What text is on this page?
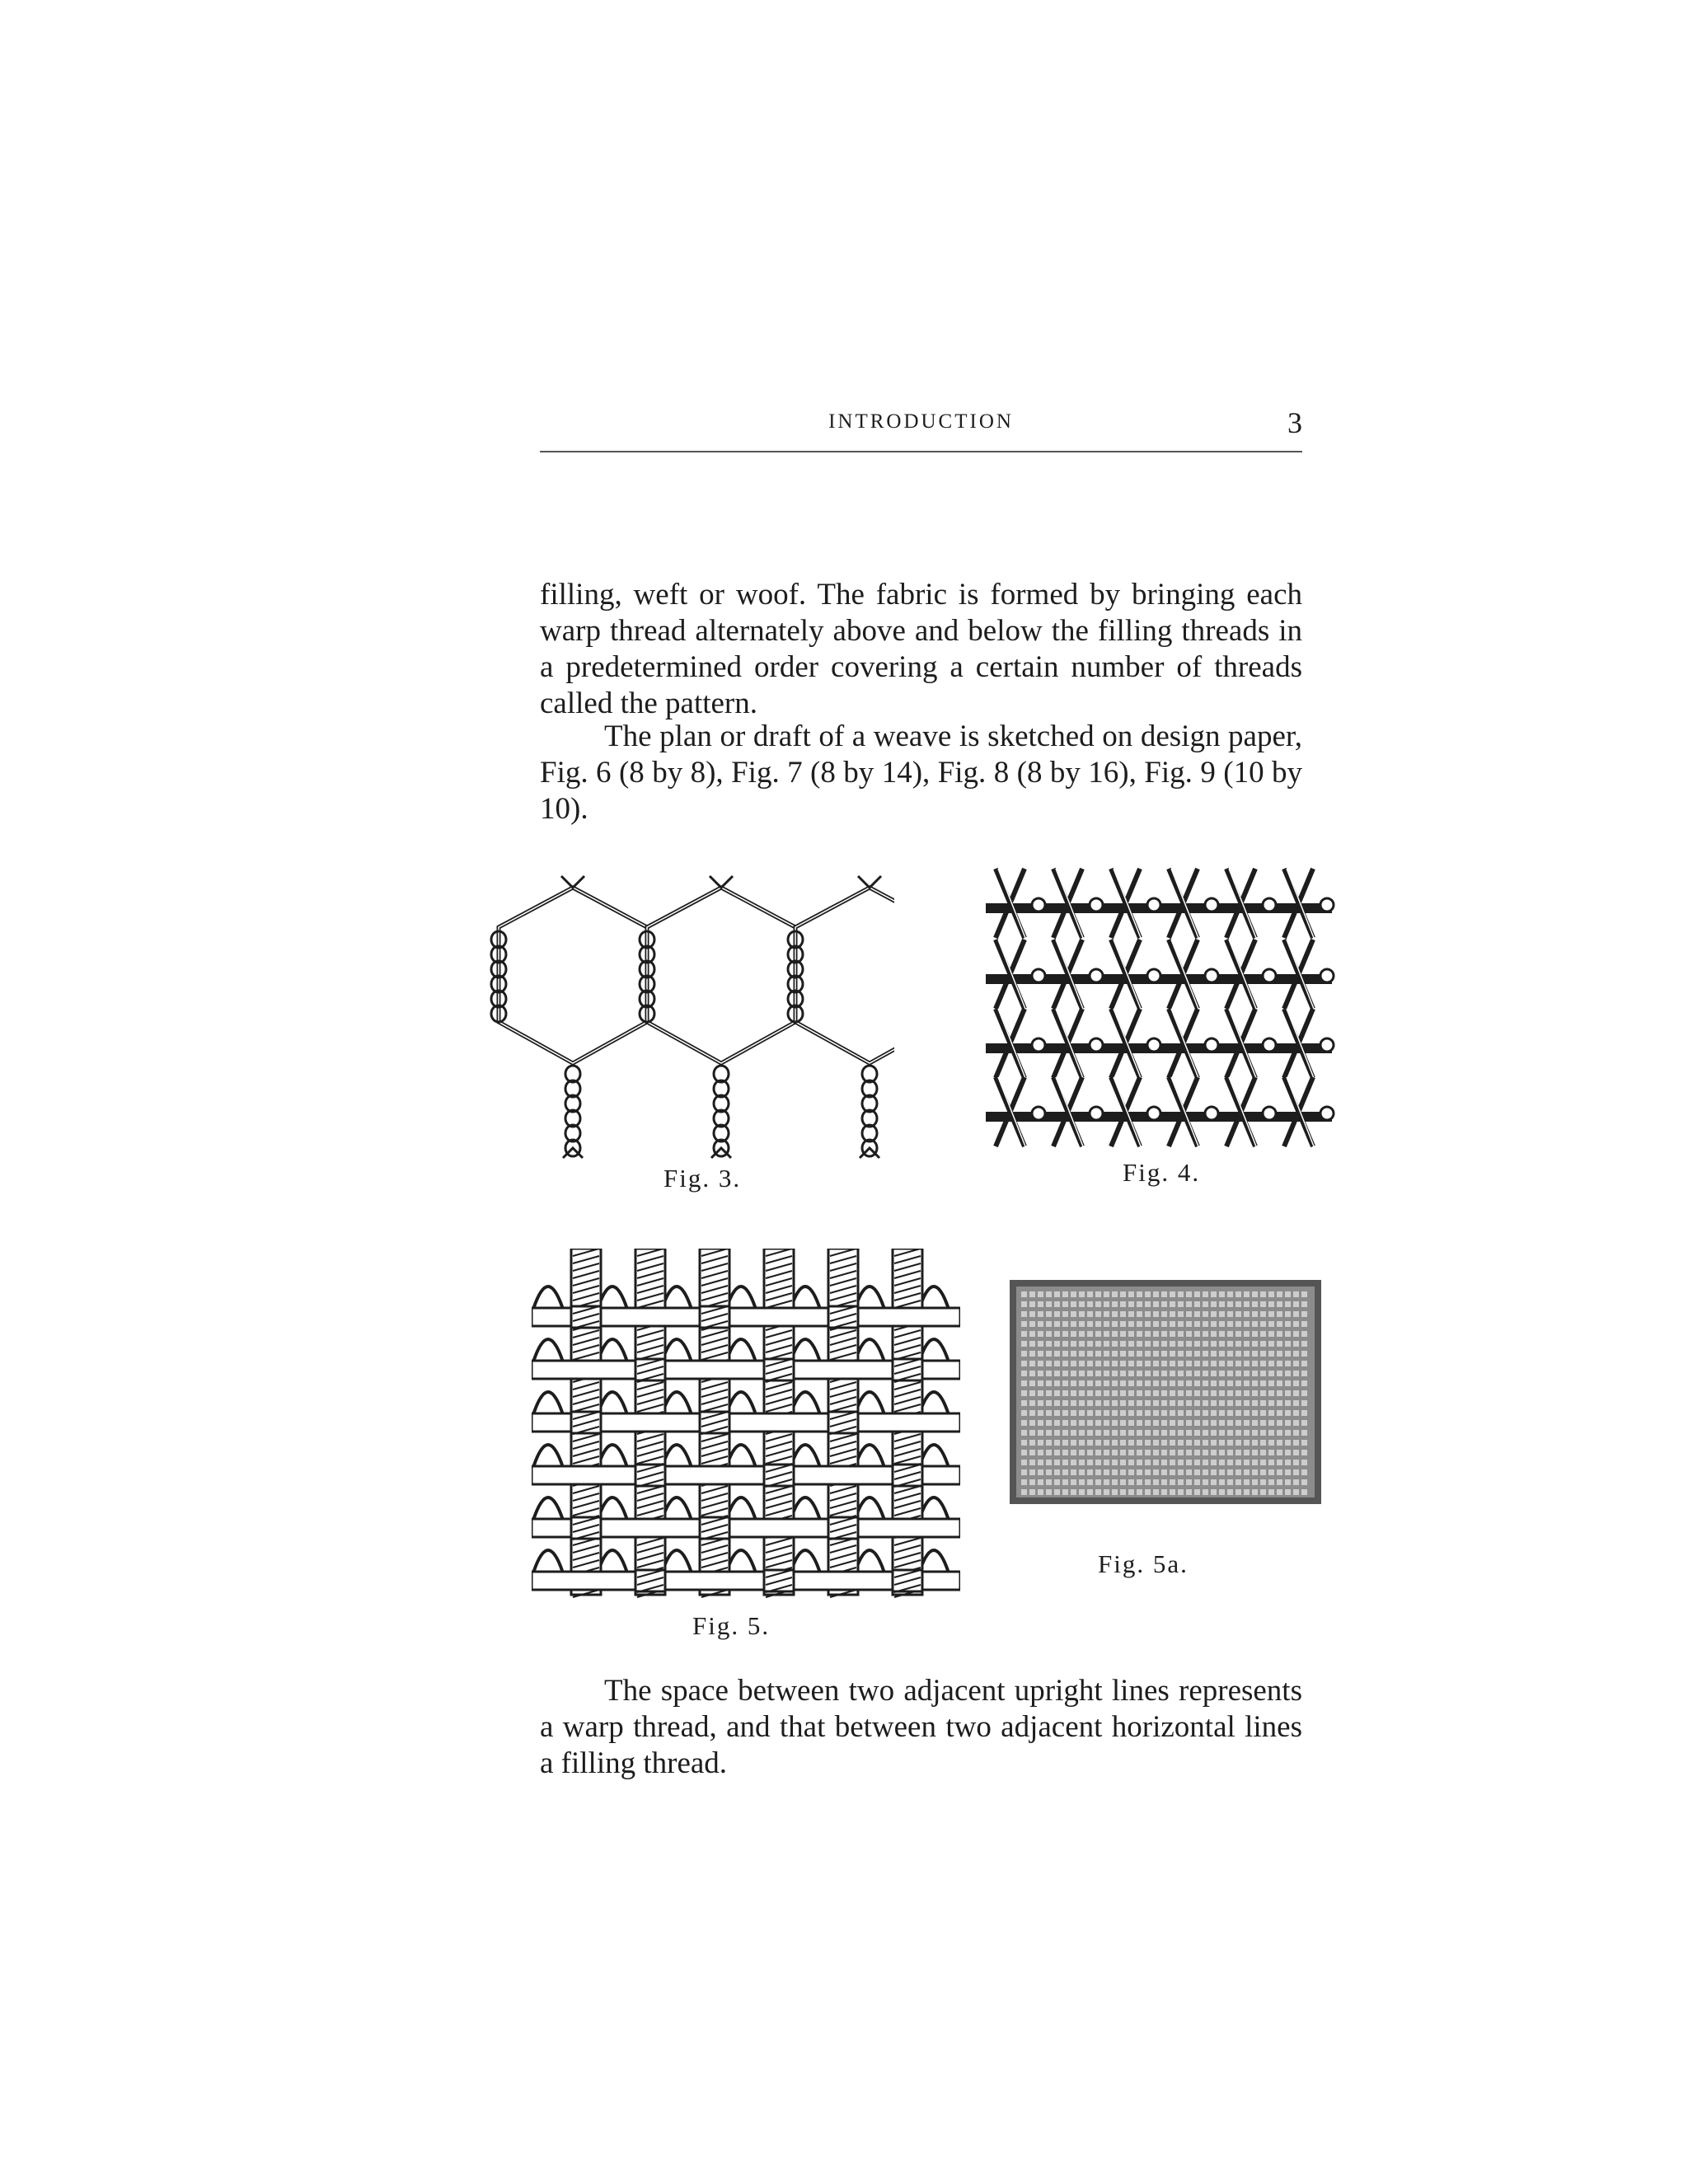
INTRODUCTION	3

filling, weft or woof. The fabric is formed by bringing each warp thread alternately above and below the filling threads in a predetermined order covering a certain number of threads called the pattern.

The plan or draft of a weave is sketched on design paper, Fig. 6 (8 by 8), Fig. 7 (8 by 14), Fig. 8 (8 by 16), Fig. 9 (10 by 10).

Fig. 3.	Fig. 4.
Fig. 5.
Fig. 5a.

The space between two adjacent upright lines represents a warp thread, and that between two adjacent horizontal lines a filling thread.
